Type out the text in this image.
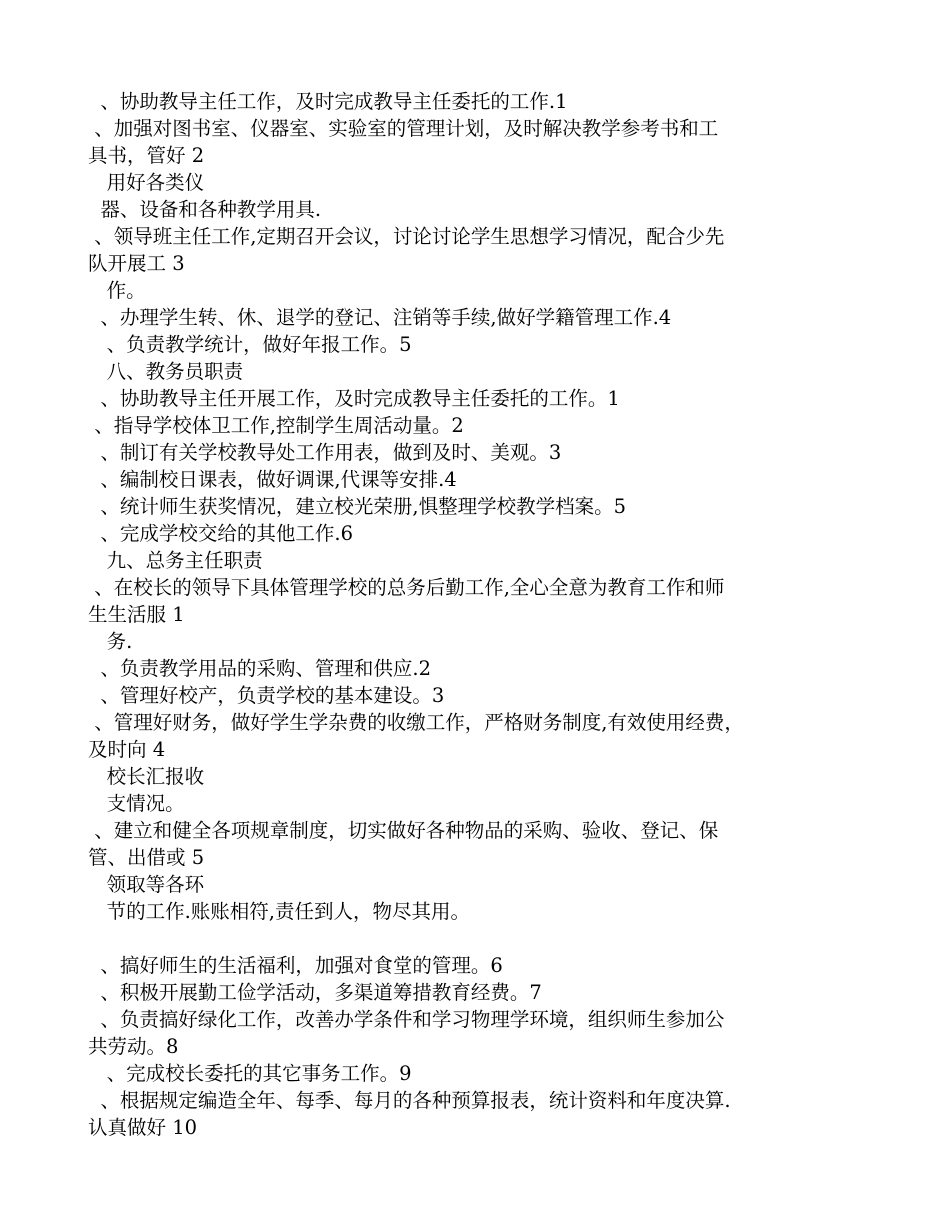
、协助教导主任工作，及时完成教导主任委托的工作.1
、加强对图书室、仪器室、实验室的管理计划，及时解决教学参考书和工
具书，管好 2
用好各类仪
器、设备和各种教学用具.
、领导班主任工作,定期召开会议，讨论讨论学生思想学习情况，配合少先
队开展工 3
作。
、办理学生转、休、退学的登记、注销等手续,做好学籍管理工作.4
、负责教学统计，做好年报工作。5
八、教务员职责
、协助教导主任开展工作，及时完成教导主任委托的工作。1
、指导学校体卫工作,控制学生周活动量。2
、制订有关学校教导处工作用表，做到及时、美观。3
、编制校日课表，做好调课,代课等安排.4
、统计师生获奖情况，建立校光荣册,惧整理学校教学档案。5
、完成学校交给的其他工作.6
九、总务主任职责
、在校长的领导下具体管理学校的总务后勤工作,全心全意为教育工作和师
生生活服 1
务.
、负责教学用品的采购、管理和供应.2
、管理好校产，负责学校的基本建设。3
、管理好财务，做好学生学杂费的收缴工作，严格财务制度,有效使用经费，
及时向 4
校长汇报收
支情况。
、建立和健全各项规章制度，切实做好各种物品的采购、验收、登记、保
管、出借或 5
领取等各环
节的工作.账账相符,责任到人，物尽其用。
、搞好师生的生活福利，加强对食堂的管理。6
、积极开展勤工俭学活动，多渠道筹措教育经费。7
、负责搞好绿化工作，改善办学条件和学习物理学环境，组织师生参加公
共劳动。8
、完成校长委托的其它事务工作。9
、根据规定编造全年、每季、每月的各种预算报表，统计资料和年度决算.
认真做好 10
